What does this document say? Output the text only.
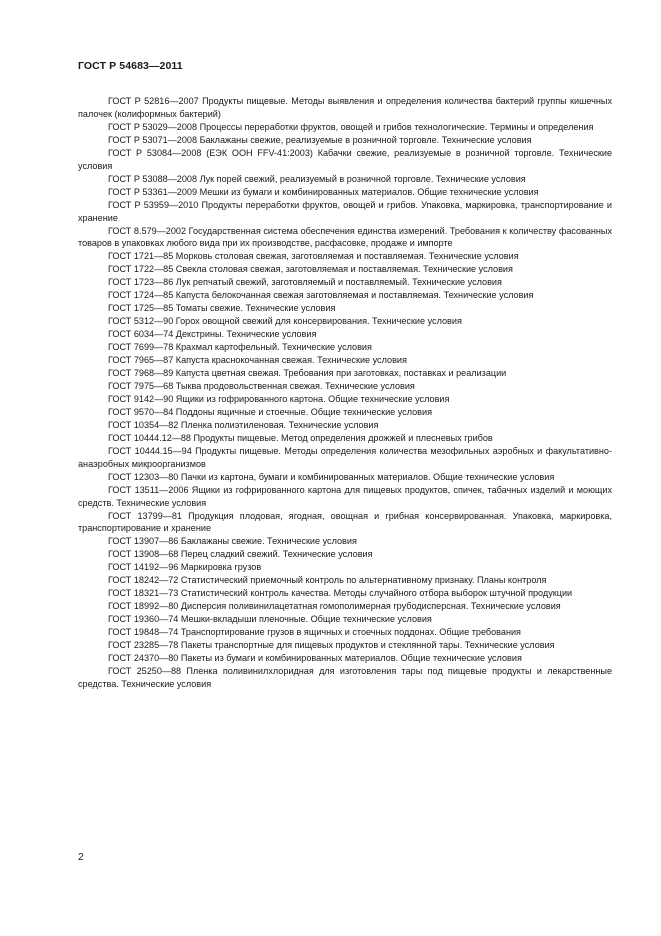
ГОСТ Р 54683—2011

ГОСТ Р 52816—2007 Продукты пищевые. Методы выявления и определения количества бактерий группы кишечных палочек (колиформных бактерий)

ГОСТ Р 53029—2008 Процессы переработки фруктов, овощей и грибов технологические. Термины и определения

ГОСТ Р 53071—2008 Баклажаны свежие, реализуемые в розничной торговле. Технические условия

ГОСТ Р 53084—2008 (ЕЭК ООН FFV-41:2003) Кабачки свежие, реализуемые в розничной торговле. Технические условия

ГОСТ Р 53088—2008 Лук порей свежий, реализуемый в розничной торговле. Технические условия

ГОСТ Р 53361—2009 Мешки из бумаги и комбинированных материалов. Общие технические условия

ГОСТ Р 53959—2010 Продукты переработки фруктов, овощей и грибов. Упаковка, маркировка, транспортирование и хранение

ГОСТ 8.579—2002 Государственная система обеспечения единства измерений. Требования к количеству фасованных товаров в упаковках любого вида при их производстве, расфасовке, продаже и импорте

ГОСТ 1721—85 Морковь столовая свежая, заготовляемая и поставляемая. Технические условия

ГОСТ 1722—85 Свекла столовая свежая, заготовляемая и поставляемая. Технические условия

ГОСТ 1723—86 Лук репчатый свежий, заготовляемый и поставляемый. Технические условия

ГОСТ 1724—85 Капуста белокочанная свежая заготовляемая и поставляемая. Технические условия

ГОСТ 1725—85 Томаты свежие. Технические условия

ГОСТ 5312—90 Горох овощной свежий для консервирования. Технические условия

ГОСТ 6034—74 Декстрины. Технические условия

ГОСТ 7699—78 Крахмал картофельный. Технические условия

ГОСТ 7965—87 Капуста краснокочанная свежая. Технические условия

ГОСТ 7968—89 Капуста цветная свежая. Требования при заготовках, поставках и реализации

ГОСТ 7975—68 Тыква продовольственная свежая. Технические условия

ГОСТ 9142—90 Ящики из гофрированного картона. Общие технические условия

ГОСТ 9570—84 Поддоны ящичные и стоечные. Общие технические условия

ГОСТ 10354—82 Пленка полиэтиленовая. Технические условия

ГОСТ 10444.12—88 Продукты пищевые. Метод определения дрожжей и плесневых грибов

ГОСТ 10444.15—94 Продукты пищевые. Методы определения количества мезофильных аэробных и факультативно-анаэробных микроорганизмов

ГОСТ 12303—80 Пачки из картона, бумаги и комбинированных материалов. Общие технические условия

ГОСТ 13511—2006 Ящики из гофрированного картона для пищевых продуктов, спичек, табачных изделий и моющих средств. Технические условия

ГОСТ 13799—81 Продукция плодовая, ягодная, овощная и грибная консервированная. Упаковка, маркировка, транспортирование и хранение

ГОСТ 13907—86 Баклажаны свежие. Технические условия

ГОСТ 13908—68 Перец сладкий свежий. Технические условия

ГОСТ 14192—96 Маркировка грузов

ГОСТ 18242—72 Статистический приемочный контроль по альтернативному признаку. Планы контроля

ГОСТ 18321—73 Статистический контроль качества. Методы случайного отбора выборок штучной продукции

ГОСТ 18992—80 Дисперсия поливинилацетатная гомополимерная грубодисперсная. Технические условия

ГОСТ 19360—74 Мешки-вкладыши пленочные. Общие технические условия

ГОСТ 19848—74 Транспортирование грузов в ящичных и стоечных поддонах. Общие требования

ГОСТ 23285—78 Пакеты транспортные для пищевых продуктов и стеклянной тары. Технические условия

ГОСТ 24370—80 Пакеты из бумаги и комбинированных материалов. Общие технические условия

ГОСТ 25250—88 Пленка поливинилхлоридная для изготовления тары под пищевые продукты и лекарственные средства. Технические условия

2
